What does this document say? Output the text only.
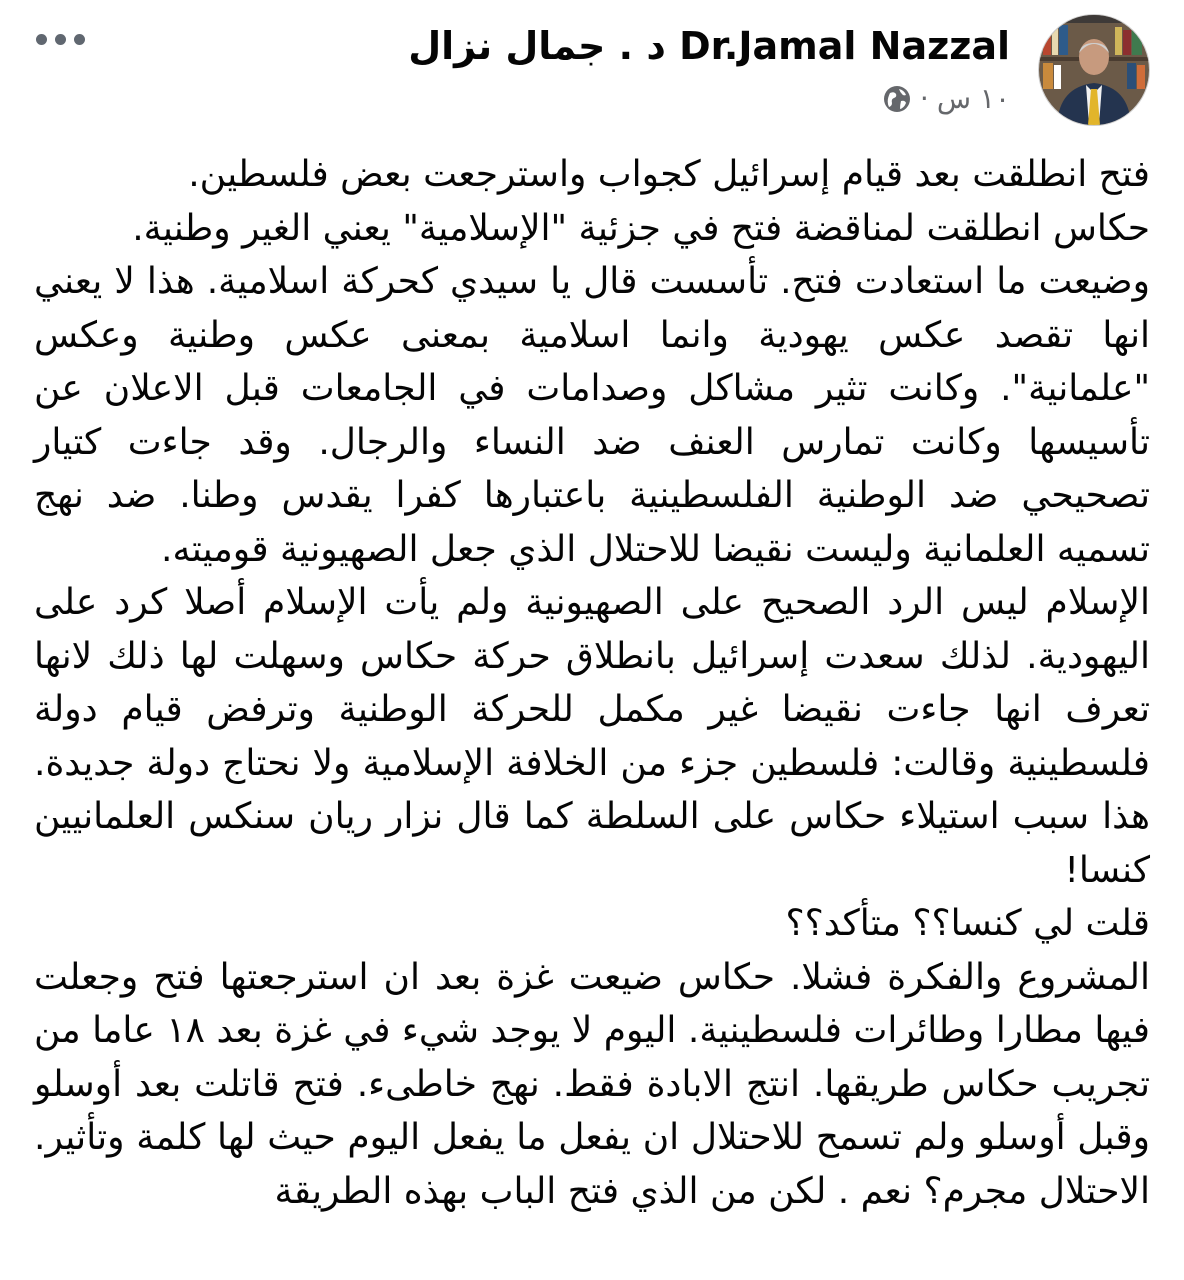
Dr.Jamal Nazzal د . جمال نزال
١٠ س
·

فتح انطلقت بعد قيام إسرائيل كجواب واسترجعت بعض فلسطين.

حكاس انطلقت لمناقضة فتح في جزئية "الإسلامية" يعني الغير وطنية.

وضيعت ما استعادت فتح. تأسست قال يا سيدي كحركة اسلامية. هذا لا يعني انها تقصد عكس يهودية وانما اسلامية بمعنى عكس وطنية وعكس "علمانية". وكانت تثير مشاكل وصدامات في الجامعات قبل الاعلان عن تأسيسها وكانت تمارس العنف ضد النساء والرجال. وقد جاءت كتيار تصحيحي ضد الوطنية الفلسطينية باعتبارها كفرا يقدس وطنا. ضد نهج تسميه العلمانية وليست نقيضا للاحتلال الذي جعل الصهيونية قوميته.

الإسلام ليس الرد الصحيح على الصهيونية ولم يأت الإسلام أصلا كرد على اليهودية. لذلك سعدت إسرائيل بانطلاق حركة حكاس وسهلت لها ذلك لانها تعرف انها جاءت نقيضا غير مكمل للحركة الوطنية وترفض قيام دولة فلسطينية وقالت: فلسطين جزء من الخلافة الإسلامية ولا نحتاج دولة جديدة. هذا سبب استيلاء حكاس على السلطة كما قال نزار ريان سنكس العلمانيين كنسا!

قلت لي كنسا؟؟ متأكد؟؟

المشروع والفكرة فشلا. حكاس ضيعت غزة بعد ان استرجعتها فتح وجعلت فيها مطارا وطائرات فلسطينية. اليوم لا يوجد شيء في غزة بعد ١٨ عاما من تجريب حكاس طريقها. انتج الابادة فقط. نهج خاطىء. فتح قاتلت بعد أوسلو وقبل أوسلو ولم تسمح للاحتلال ان يفعل ما يفعل اليوم حيث لها كلمة وتأثير. الاحتلال مجرم؟ نعم . لكن من الذي فتح الباب بهذه الطريقة
